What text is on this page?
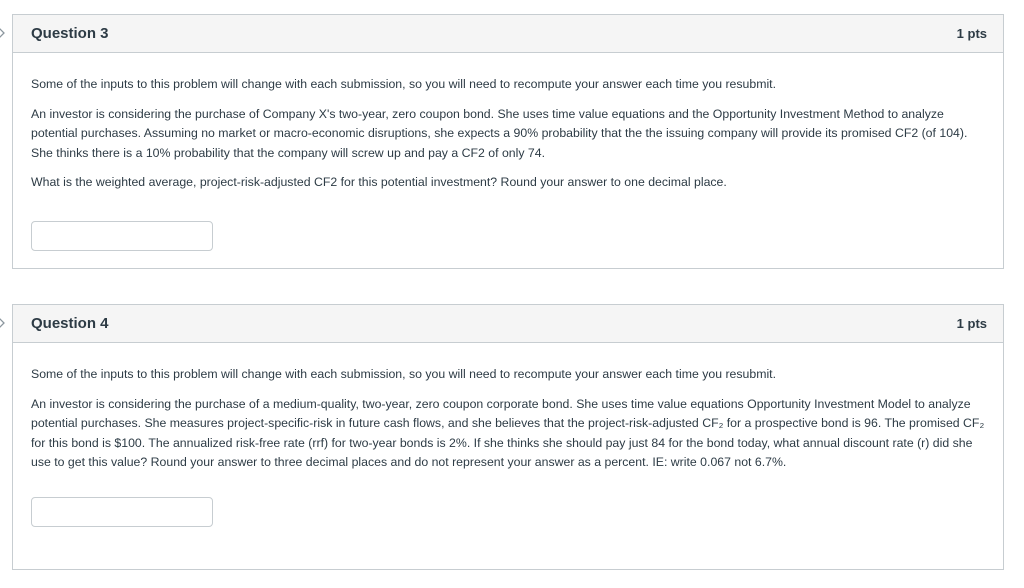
Question 3	1 pts

Some of the inputs to this problem will change with each submission, so you will need to recompute your answer each time you resubmit.

An investor is considering the purchase of Company X's two-year, zero coupon bond. She uses time value equations and the Opportunity Investment Method to analyze potential purchases. Assuming no market or macro-economic disruptions, she expects a 90% probability that the the issuing company will provide its promised CF2 (of 104). She thinks there is a 10% probability that the company will screw up and pay a CF2 of only 74.

What is the weighted average, project-risk-adjusted CF2 for this potential investment? Round your answer to one decimal place.

Question 4	1 pts

Some of the inputs to this problem will change with each submission, so you will need to recompute your answer each time you resubmit.

An investor is considering the purchase of a medium-quality, two-year, zero coupon corporate bond. She uses time value equations Opportunity Investment Model to analyze potential purchases. She measures project-specific-risk in future cash flows, and she believes that the project-risk-adjusted CF₂ for a prospective bond is 96. The promised CF₂ for this bond is $100. The annualized risk-free rate (rrf) for two-year bonds is 2%. If she thinks she should pay just 84 for the bond today, what annual discount rate (r) did she use to get this value? Round your answer to three decimal places and do not represent your answer as a percent. IE: write 0.067 not 6.7%.
